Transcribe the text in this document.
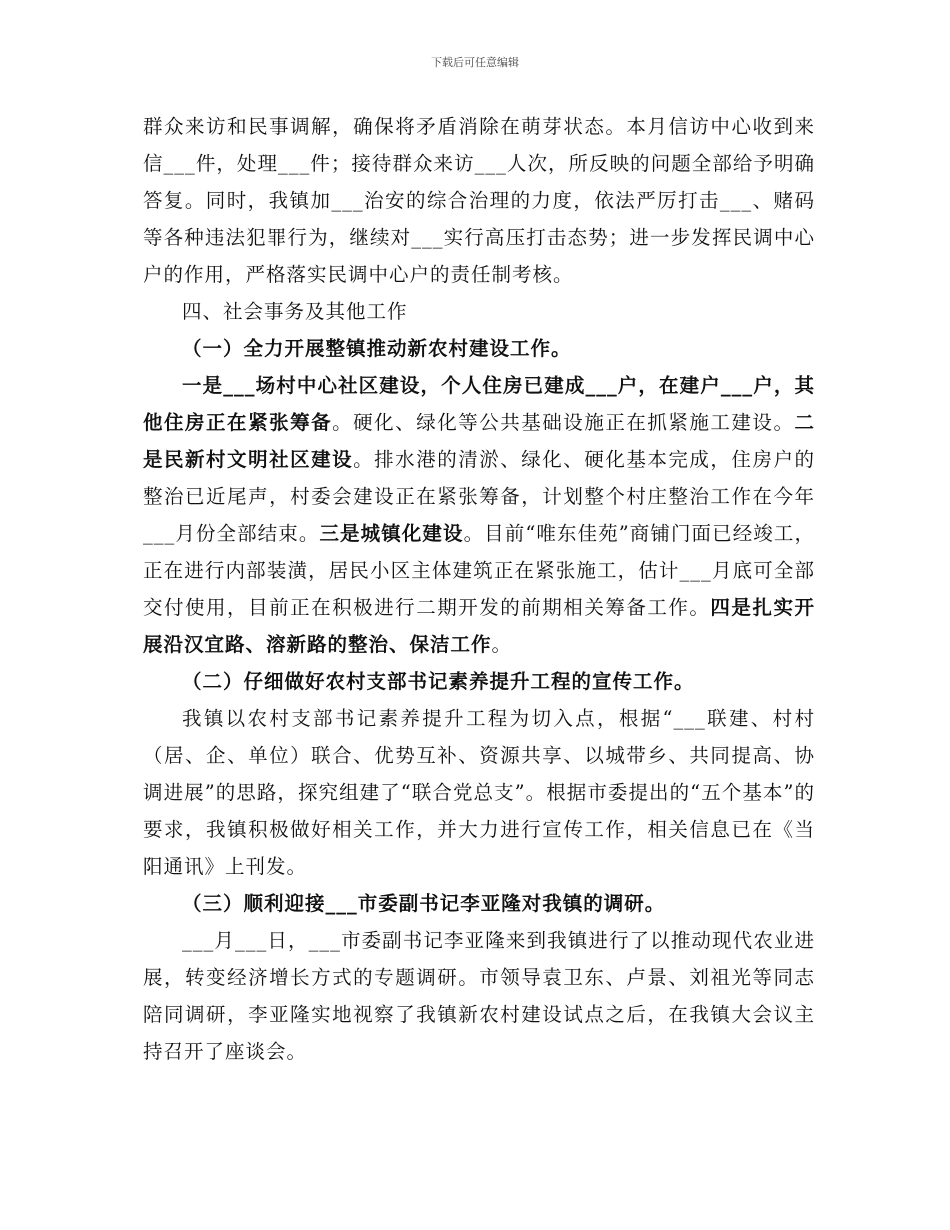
下载后可任意编辑

群众来访和民事调解，确保将矛盾消除在萌芽状态。本月信访中心收到来信___件，处理___件；接待群众来访___人次，所反映的问题全部给予明确答复。同时，我镇加___治安的综合治理的力度，依法严厉打击___、赌码等各种违法犯罪行为，继续对___实行高压打击态势；进一步发挥民调中心户的作用，严格落实民调中心户的责任制考核。

四、社会事务及其他工作

（一）全力开展整镇推动新农村建设工作。

一是___场村中心社区建设，个人住房已建成___户，在建户___户，其他住房正在紧张筹备。硬化、绿化等公共基础设施正在抓紧施工建设。二是民新村文明社区建设。排水港的清淤、绿化、硬化基本完成，住房户的整治已近尾声，村委会建设正在紧张筹备，计划整个村庄整治工作在今年___月份全部结束。三是城镇化建设。目前“唯东佳苑”商铺门面已经竣工，正在进行内部装潢，居民小区主体建筑正在紧张施工，估计___月底可全部交付使用，目前正在积极进行二期开发的前期相关筹备工作。四是扎实开展沿汉宜路、溶新路的整治、保洁工作。

（二）仔细做好农村支部书记素养提升工程的宣传工作。

我镇以农村支部书记素养提升工程为切入点，根据“___联建、村村（居、企、单位）联合、优势互补、资源共享、以城带乡、共同提高、协调进展”的思路，探究组建了“联合党总支”。根据市委提出的“五个基本”的要求，我镇积极做好相关工作，并大力进行宣传工作，相关信息已在《当阳通讯》上刊发。

（三）顺利迎接___市委副书记李亚隆对我镇的调研。

___月___日，___市委副书记李亚隆来到我镇进行了以推动现代农业进展，转变经济增长方式的专题调研。市领导袁卫东、卢景、刘祖光等同志陪同调研，李亚隆实地视察了我镇新农村建设试点之后，在我镇大会议主持召开了座谈会。
